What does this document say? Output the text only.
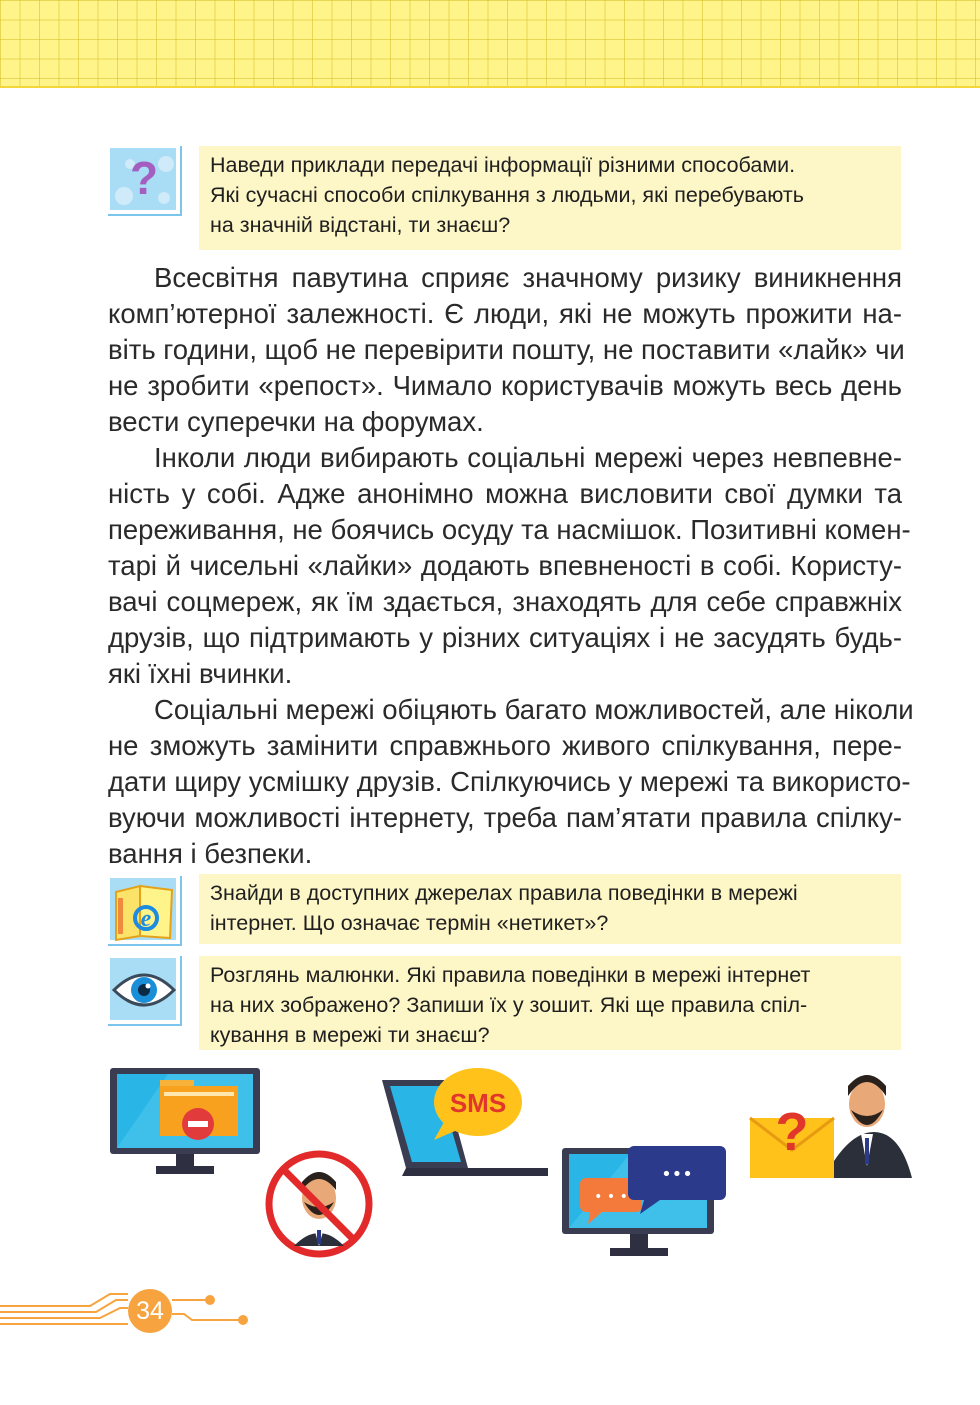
? Наведи приклади передачі інформації різними способами.
Які сучасні способи спілкування з людьми, які перебувають
на значній відстані, ти знаєш?
Всесвітня павутина сприяє значному ризику виникнення
комп’ютерної залежності. Є люди, які не можуть прожити на-
віть години, щоб не перевірити пошту, не поставити «лайк» чи
не зробити «репост». Чимало користувачів можуть весь день
вести суперечки на форумах.
Інколи люди вибирають соціальні мережі через невпевне-
ність у собі. Адже анонімно можна висловити свої думки та
переживання, не боячись осуду та насмішок. Позитивні комен-
тарі й чисельні «лайки» додають впевненості в собі. Користу-
вачі соцмереж, як їм здається, знаходять для себе справжніх
друзів, що підтримають у різних ситуаціях і не засудять будь-
які їхні вчинки.
Соціальні мережі обіцяють багато можливостей, але ніколи
не зможуть замінити справжнього живого спілкування, пере-
дати щиру усмішку друзів. Спілкуючись у мережі та використо-
вуючи можливості інтернету, треба пам’ятати правила спілку-
вання і безпеки.
e
Знайди в доступних джерелах правила поведінки в мережі
інтернет. Що означає термін «нетикет»?
Розглянь малюнки. Які правила поведінки в мережі інтернет
на них зображено? Запиши їх у зошит. Які ще правила спіл-
кування в мережі ти знаєш?
SMS
• • •
•••
?
34
